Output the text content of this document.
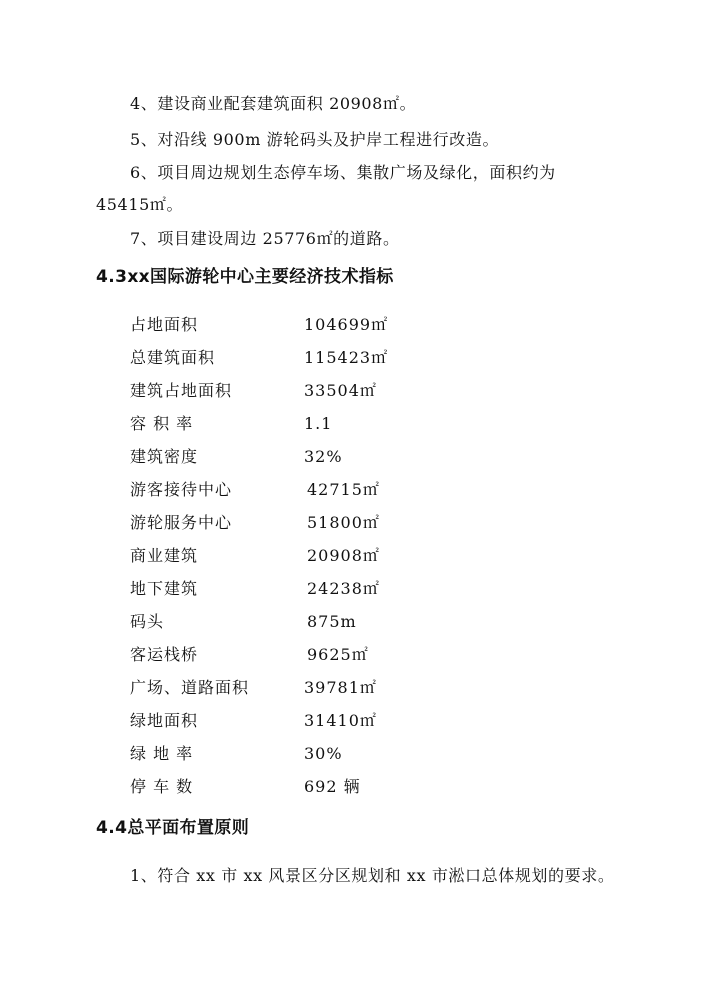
4、建设商业配套建筑面积 20908㎡。
5、对沿线 900m 游轮码头及护岸工程进行改造。
6、项目周边规划生态停车场、集散广场及绿化，面积约为
45415㎡。
7、项目建设周边 25776㎡的道路。
4.3xx国际游轮中心主要经济技术指标
占地面积	104699㎡
总建筑面积	115423㎡
建筑占地面积	33504㎡
容 积 率	1.1
建筑密度	32%
游客接待中心	42715㎡
游轮服务中心	51800㎡
商业建筑	20908㎡
地下建筑	24238㎡
码头	875m
客运栈桥	9625㎡
广场、道路面积	39781㎡
绿地面积	31410㎡
绿 地 率	30%
停 车 数	692 辆
4.4总平面布置原则
1、符合 xx 市 xx 风景区分区规划和 xx 市淞口总体规划的要求。
